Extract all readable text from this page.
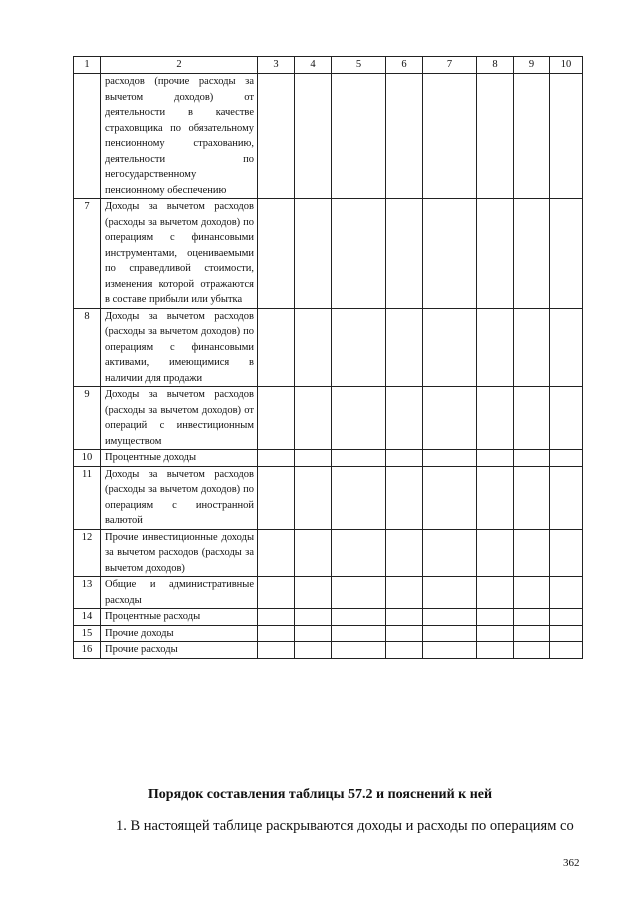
1	2	3	4	5	6	7	8	9	10
	расходов (прочие расходы за вычетом доходов) от деятельности в качестве страховщика по обязательному пенсионному страхованию, деятельности по негосударственному пенсионному обеспечению								
7	Доходы за вычетом расходов (расходы за вычетом доходов) по операциям с финансовыми инструментами, оцениваемыми по справедливой стоимости, изменения которой отражаются в составе прибыли или убытка								
8	Доходы за вычетом расходов (расходы за вычетом доходов) по операциям с финансовыми активами, имеющимися в наличии для продажи								
9	Доходы за вычетом расходов (расходы за вычетом доходов) от операций с инвестиционным имуществом								
10	Процентные доходы								
11	Доходы за вычетом расходов (расходы за вычетом доходов) по операциям с иностранной валютой								
12	Прочие инвестиционные доходы за вычетом расходов (расходы за вычетом доходов)								
13	Общие и административные расходы								
14	Процентные расходы								
15	Прочие доходы								
16	Прочие расходы								
Порядок составления таблицы 57.2 и пояснений к ней
1. В настоящей таблице раскрываются доходы и расходы по операциям со
362
